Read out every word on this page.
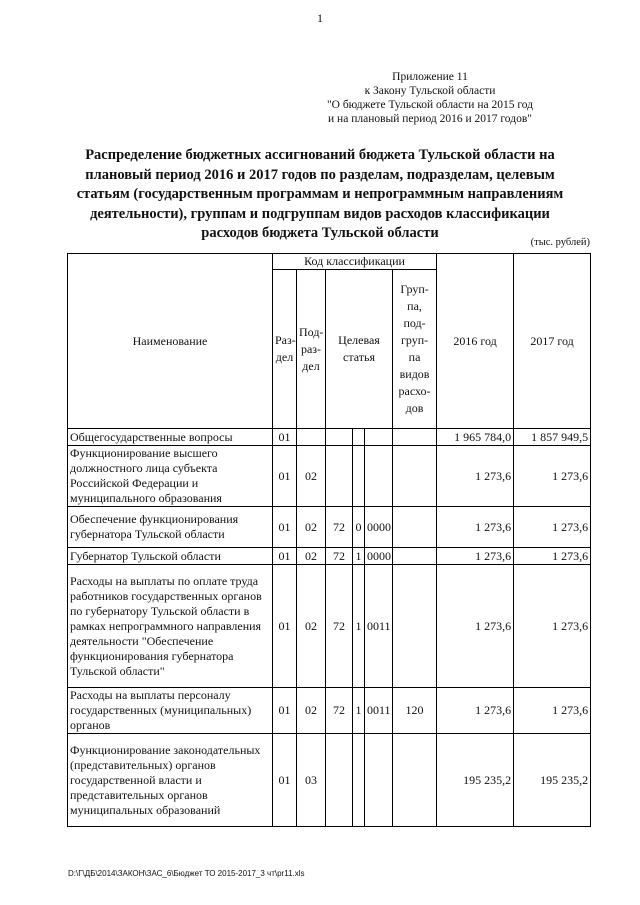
1
Приложение 11
к Закону Тульской области
"О бюджете Тульской области на 2015 год
и на плановый период 2016 и 2017 годов"
Распределение бюджетных ассигнований бюджета Тульской области на плановый период 2016 и 2017 годов по разделам, подразделам, целевым статьям (государственным программам и непрограммным направлениям деятельности), группам и подгруппам видов расходов классификации расходов бюджета Тульской области
(тыс. рублей)
Наименование	Код классификации						2016 год	2017 год
	Раз- дел	Под- раз- дел	Целевая статья			Груп- па, под- груп- па видов расхо- дов		
Общегосударственные вопросы	01						1 965 784,0	1 857 949,5
Функционирование высшего должностного лица субъекта Российской Федерации и муниципального образования	01	02					1 273,6	1 273,6
Обеспечение функционирования губернатора Тульской области	01	02	72	0	0000		1 273,6	1 273,6
Губернатор Тульской области	01	02	72	1	0000		1 273,6	1 273,6
Расходы на выплаты по оплате труда работников государственных органов по губернатору Тульской области в рамках непрограммного направления деятельности "Обеспечение функционирования губернатора Тульской области"	01	02	72	1	0011		1 273,6	1 273,6
Расходы на выплаты персоналу государственных (муниципальных) органов	01	02	72	1	0011	120	1 273,6	1 273,6
Функционирование законодательных (представительных) органов государственной власти и представительных органов муниципальных образований	01	03					195 235,2	195 235,2
D:\Г\ДБ\2014\ЗАКОН\ЗАС_6\Бюджет ТО 2015-2017_3 чт\pr11.xls
